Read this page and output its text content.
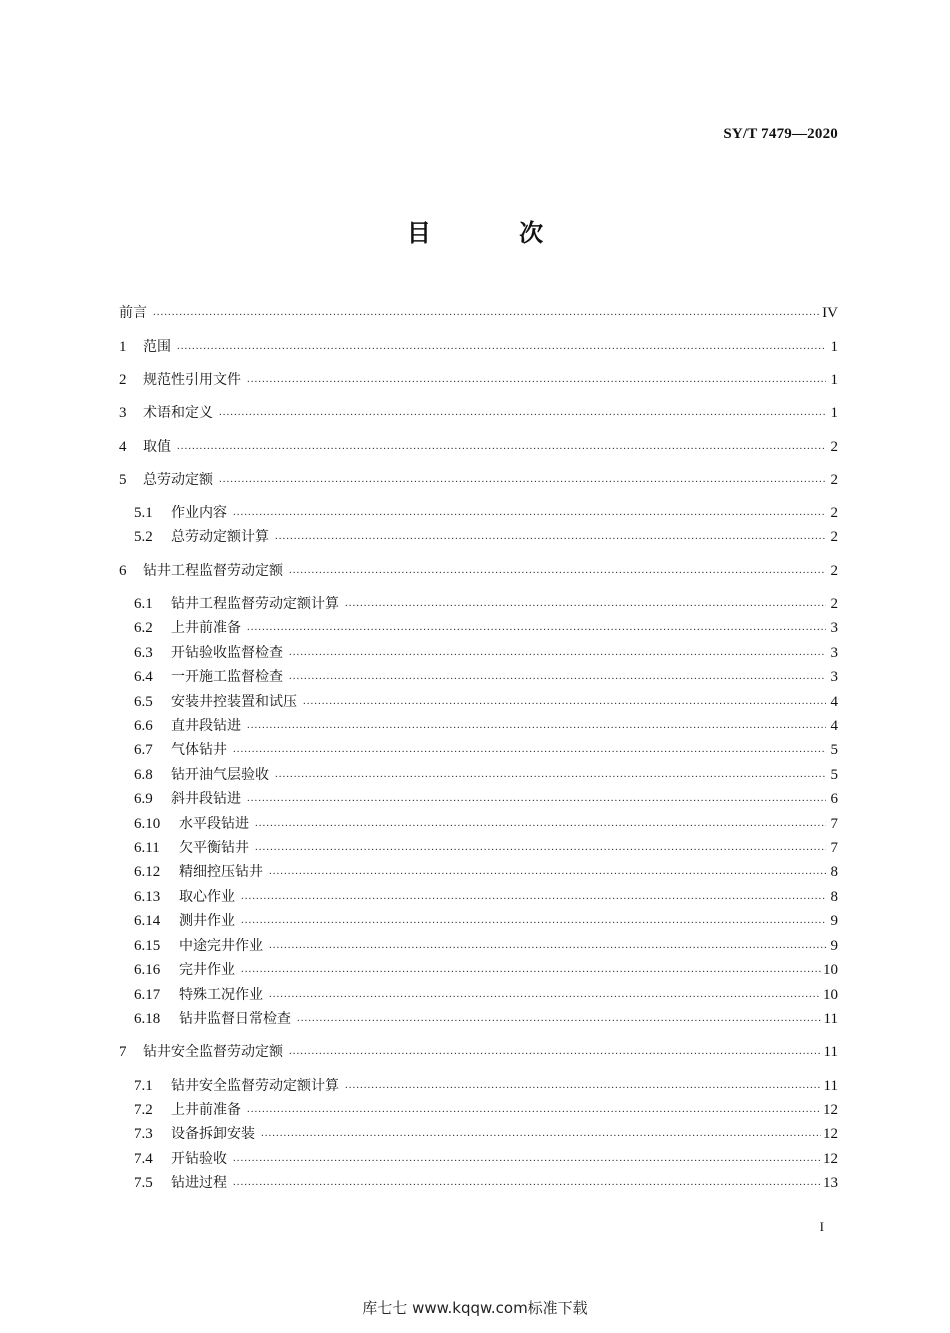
SY/T 7479—2020
目 次
前言 .....	IV
1	范围 .....	1
2	规范性引用文件 .....	1
3	术语和定义 .....	1
4	取值 .....	2
5	总劳动定额 .....	2
5.1	作业内容 .....	2
5.2	总劳动定额计算 .....	2
6	钻井工程监督劳动定额 .....	2
6.1	钻井工程监督劳动定额计算 .....	2
6.2	上井前准备 .....	3
6.3	开钻验收监督检查 .....	3
6.4	一开施工监督检查 .....	3
6.5	安装井控装置和试压 .....	4
6.6	直井段钻进 .....	4
6.7	气体钻井 .....	5
6.8	钻开油气层验收 .....	5
6.9	斜井段钻进 .....	6
6.10	水平段钻进 .....	7
6.11	欠平衡钻井 .....	7
6.12	精细控压钻井 .....	8
6.13	取心作业 .....	8
6.14	测井作业 .....	9
6.15	中途完井作业 .....	9
6.16	完井作业 .....	10
6.17	特殊工况作业 .....	10
6.18	钻井监督日常检查 .....	11
7	钻井安全监督劳动定额 .....	11
7.1	钻井安全监督劳动定额计算 .....	11
7.2	上井前准备 .....	12
7.3	设备拆卸安装 .....	12
7.4	开钻验收 .....	12
7.5	钻进过程 .....	13
I
库七七 www.kqqw.com标准下载
